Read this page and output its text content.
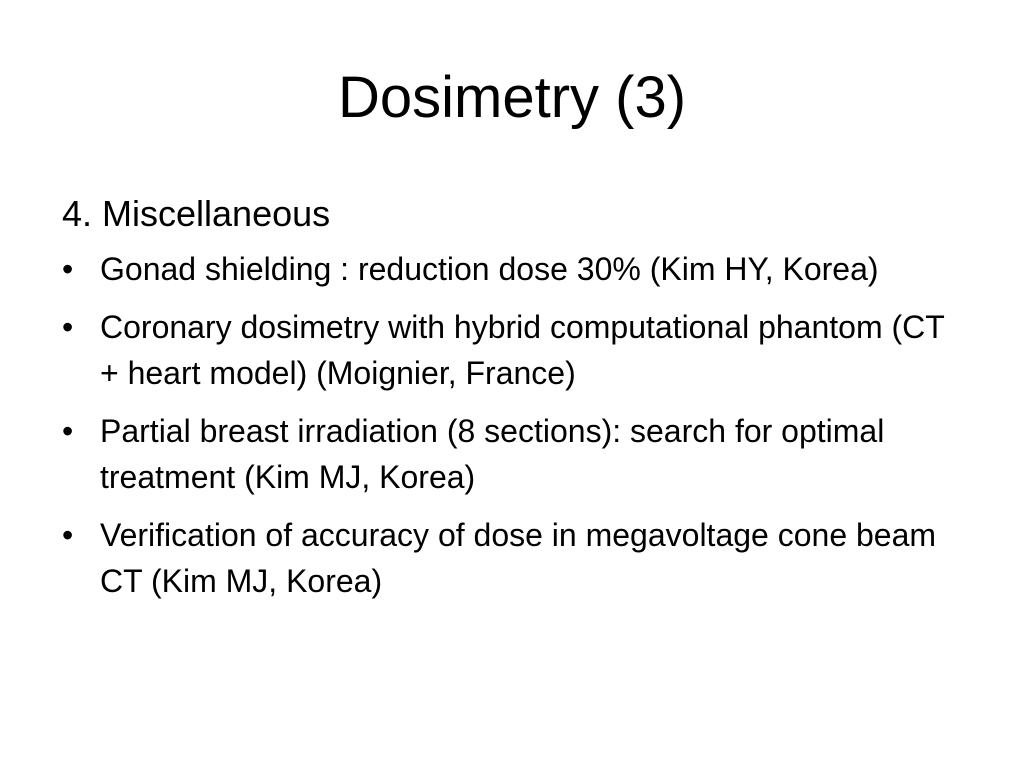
Dosimetry (3)
4. Miscellaneous
• Gonad shielding : reduction dose 30% (Kim HY, Korea)
• Coronary dosimetry with hybrid computational phantom (CT + heart model) (Moignier, France)
• Partial breast irradiation (8 sections): search for optimal treatment (Kim MJ, Korea)
• Verification of accuracy of dose in megavoltage cone beam CT (Kim MJ, Korea)
